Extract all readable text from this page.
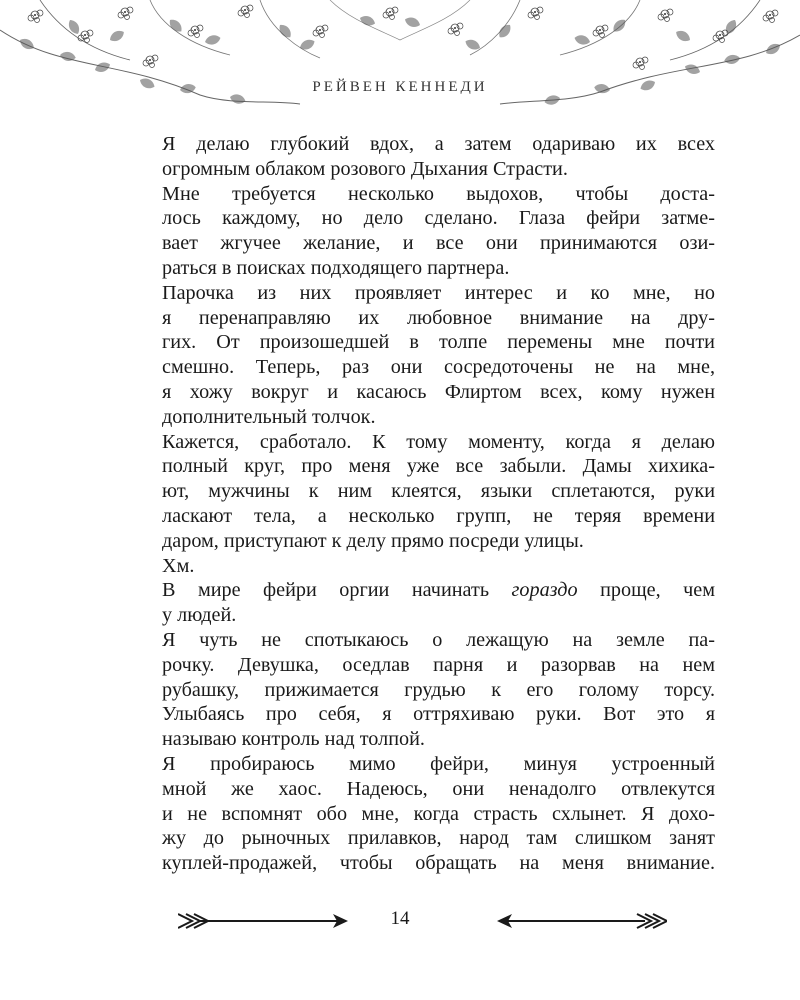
РЕЙВЕН КЕННЕДИ

Я делаю глубокий вдох, а затем одариваю их всех
огромным облаком розового Дыхания Страсти.

Мне требуется несколько выдохов, чтобы доста-
лось каждому, но дело сделано. Глаза фейри затме-
вает жгучее желание, и все они принимаются ози-
раться в поисках подходящего партнера.

Парочка из них проявляет интерес и ко мне, но
я перенаправляю их любовное внимание на дру-
гих. От произошедшей в толпе перемены мне почти
смешно. Теперь, раз они сосредоточены не на мне,
я хожу вокруг и касаюсь Флиртом всех, кому нужен
дополнительный толчок.

Кажется, сработало. К тому моменту, когда я делаю
полный круг, про меня уже все забыли. Дамы хихика-
ют, мужчины к ним клеятся, языки сплетаются, руки
ласкают тела, а несколько групп, не теряя времени
даром, приступают к делу прямо посреди улицы.

Хм.

В мире фейри оргии начинать гораздо проще, чем
у людей.

Я чуть не спотыкаюсь о лежащую на земле па-
рочку. Девушка, оседлав парня и разорвав на нем
рубашку, прижимается грудью к его голому торсу.
Улыбаясь про себя, я оттряхиваю руки. Вот это я
называю контроль над толпой.

Я пробираюсь мимо фейри, минуя устроенный
мной же хаос. Надеюсь, они ненадолго отвлекутся
и не вспомнят обо мне, когда страсть схлынет. Я дохо-
жу до рыночных прилавков, народ там слишком занят
куплей-продажей, чтобы обращать на меня внимание.

14
